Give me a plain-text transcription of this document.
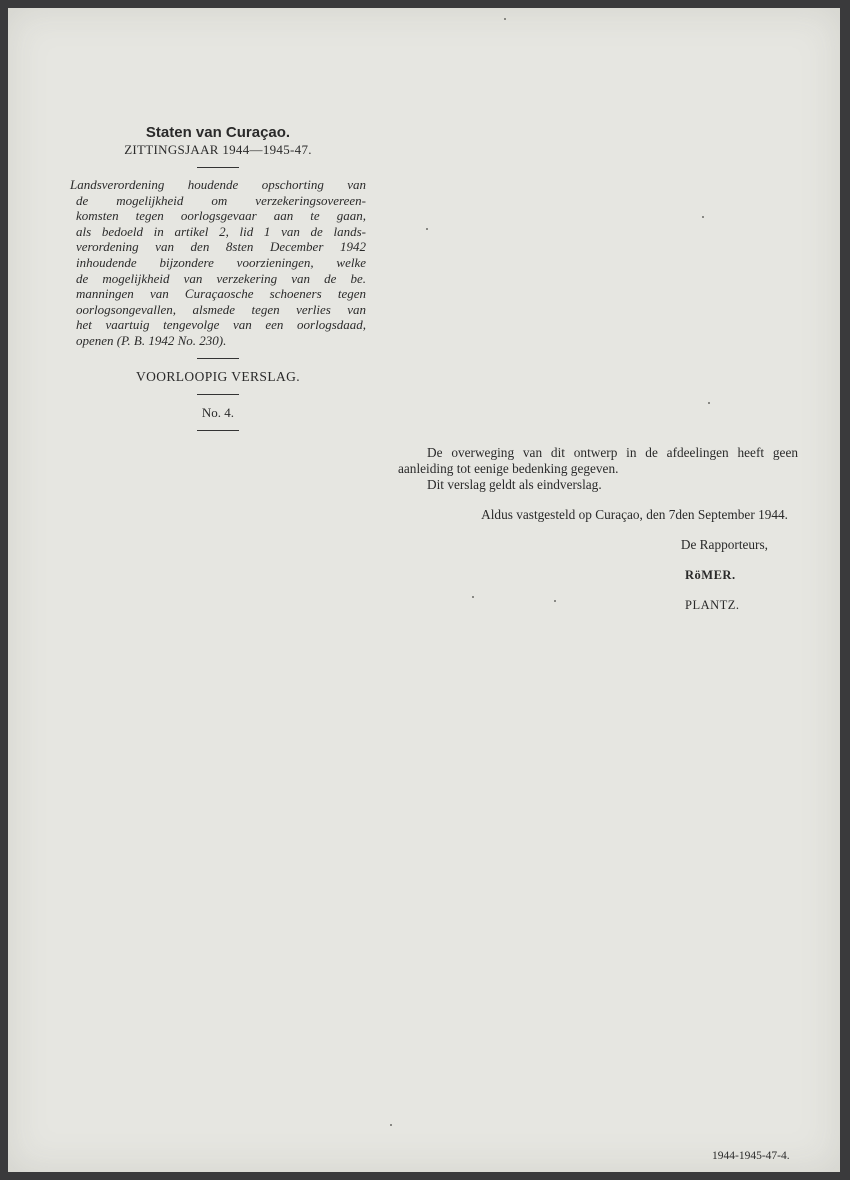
Staten van Curaçao.

ZITTINGSJAAR 1944—1945-47.

Landsverordening houdende opschorting van
de mogelijkheid om verzekeringsovereen-
komsten tegen oorlogsgevaar aan te gaan,
als bedoeld in artikel 2, lid 1 van de lands-
verordening van den 8sten December 1942
inhoudende bijzondere voorzieningen, welke
de mogelijkheid van verzekering van de be.
manningen van Curaçaosche schoeners tegen
oorlogsongevallen, alsmede tegen verlies van
het vaartuig tengevolge van een oorlogsdaad,
openen (P. B. 1942 No. 230).

VOORLOOPIG VERSLAG.

No. 4.

De overweging van dit ontwerp in de afdeelingen heeft geen aanleiding tot eenige bedenking gegeven.

Dit verslag geldt als eindverslag.

Aldus vastgesteld op Curaçao, den 7den September 1944.

De Rapporteurs,

RöMER.

PLANTZ.

1944-1945-47-4.
